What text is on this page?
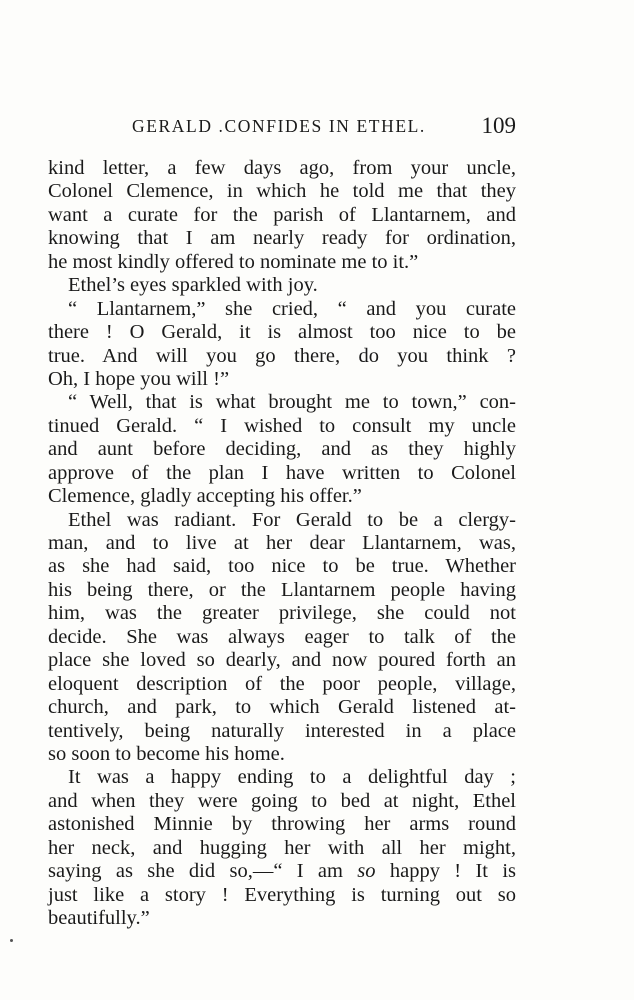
GERALD .CONFIDES IN ETHEL. 109
kind letter, a few days ago, from your uncle,
Colonel Clemence, in which he told me that they
want a curate for the parish of Llantarnem, and
knowing that I am nearly ready for ordination,
he most kindly offered to nominate me to it.”
Ethel’s eyes sparkled with joy.
“ Llantarnem,” she cried, “ and you curate
there ! O Gerald, it is almost too nice to be
true. And will you go there, do you think ?
Oh, I hope you will !”
“ Well, that is what brought me to town,” con-
tinued Gerald. “ I wished to consult my uncle
and aunt before deciding, and as they highly
approve of the plan I have written to Colonel
Clemence, gladly accepting his offer.”
Ethel was radiant. For Gerald to be a clergy-
man, and to live at her dear Llantarnem, was,
as she had said, too nice to be true. Whether
his being there, or the Llantarnem people having
him, was the greater privilege, she could not
decide. She was always eager to talk of the
place she loved so dearly, and now poured forth an
eloquent description of the poor people, village,
church, and park, to which Gerald listened at-
tentively, being naturally interested in a place
so soon to become his home.
It was a happy ending to a delightful day ;
and when they were going to bed at night, Ethel
astonished Minnie by throwing her arms round
her neck, and hugging her with all her might,
saying as she did so,—“ I am so happy ! It is
just like a story ! Everything is turning out so
beautifully.”
